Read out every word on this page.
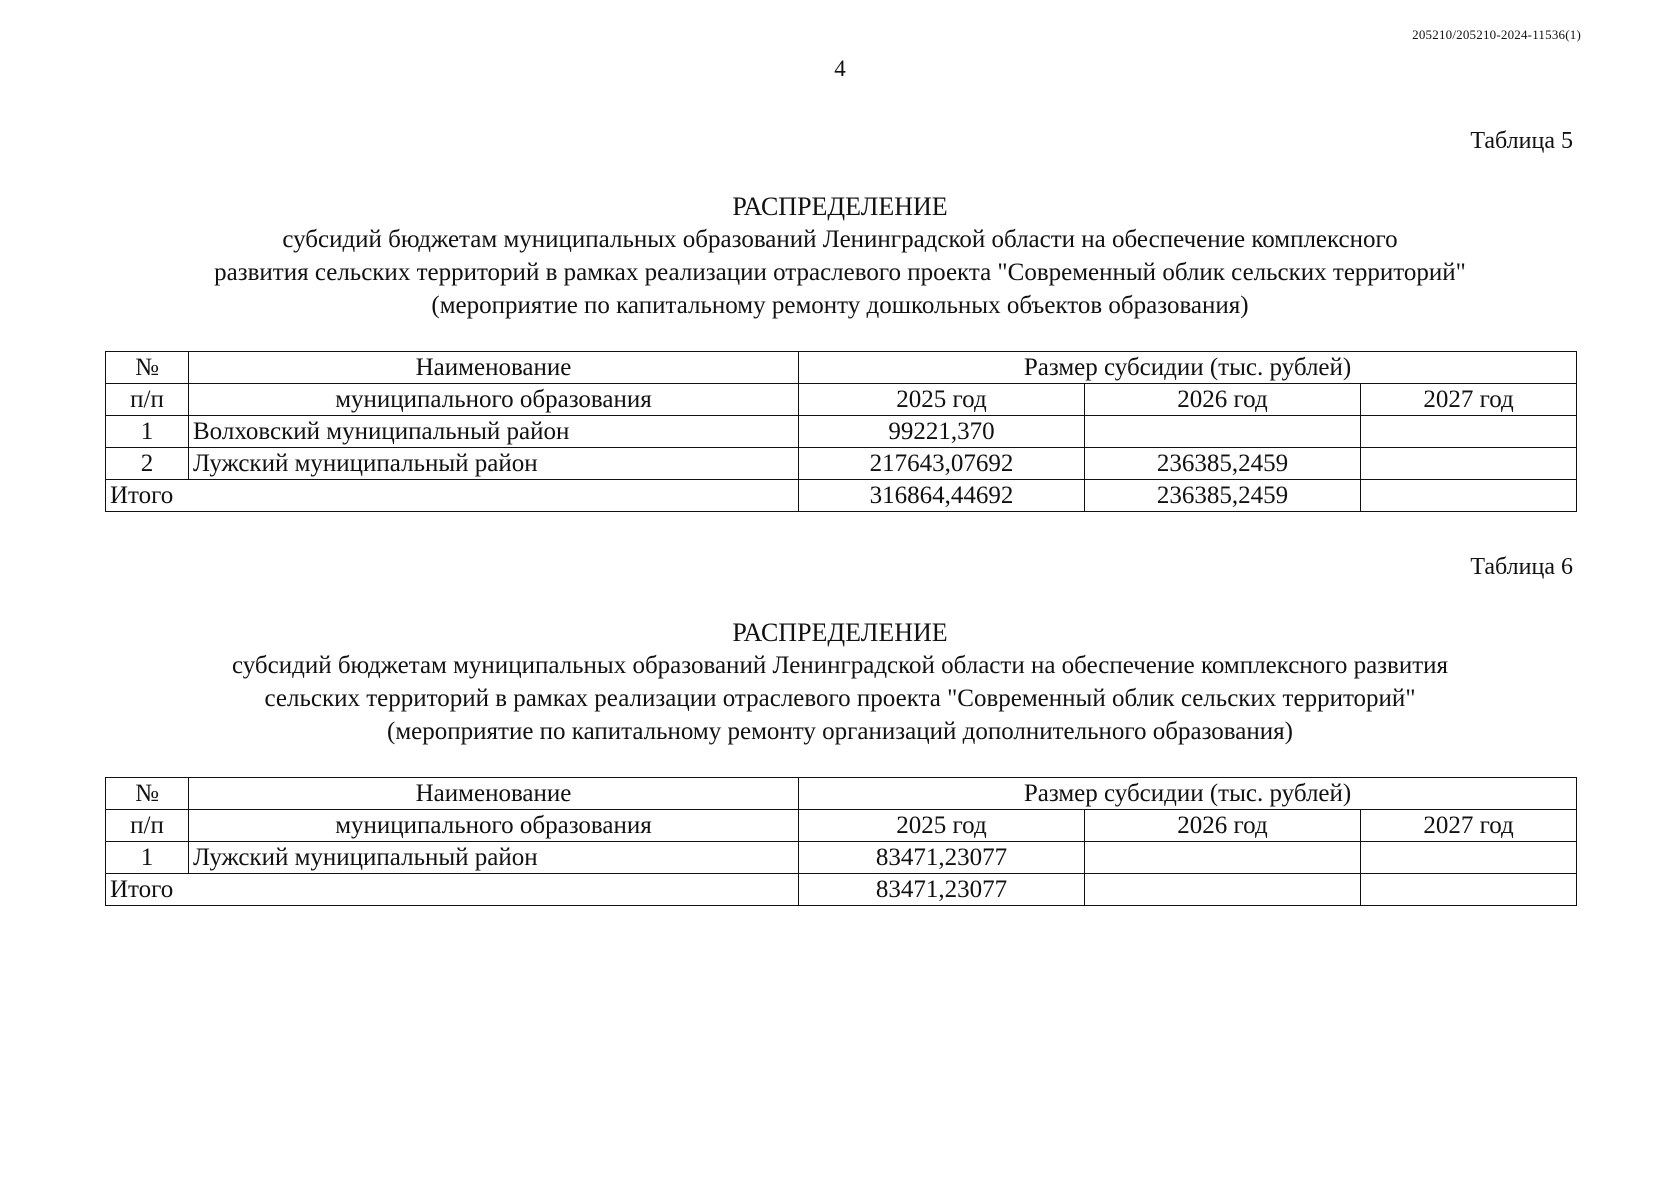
205210/205210-2024-11536(1)
4
Таблица 5
РАСПРЕДЕЛЕНИЕ
субсидий бюджетам муниципальных образований Ленинградской области на обеспечение комплексного
развития сельских территорий в рамках реализации отраслевого проекта "Современный облик сельских территорий"
(мероприятие по капитальному ремонту дошкольных объектов образования)
№	Наименование	Размер субсидии (тыс. рублей)		
п/п	муниципального образования	2025 год	2026 год	2027 год
1	Волховский муниципальный район	99221,370		
2	Лужский муниципальный район	217643,07692	236385,2459	
Итого		316864,44692	236385,2459	
Таблица 6
РАСПРЕДЕЛЕНИЕ
субсидий бюджетам муниципальных образований Ленинградской области на обеспечение комплексного развития
сельских территорий в рамках реализации отраслевого проекта "Современный облик сельских территорий"
(мероприятие по капитальному ремонту организаций дополнительного образования)
№	Наименование	Размер субсидии (тыс. рублей)		
п/п	муниципального образования	2025 год	2026 год	2027 год
1	Лужский муниципальный район	83471,23077		
Итого		83471,23077		
